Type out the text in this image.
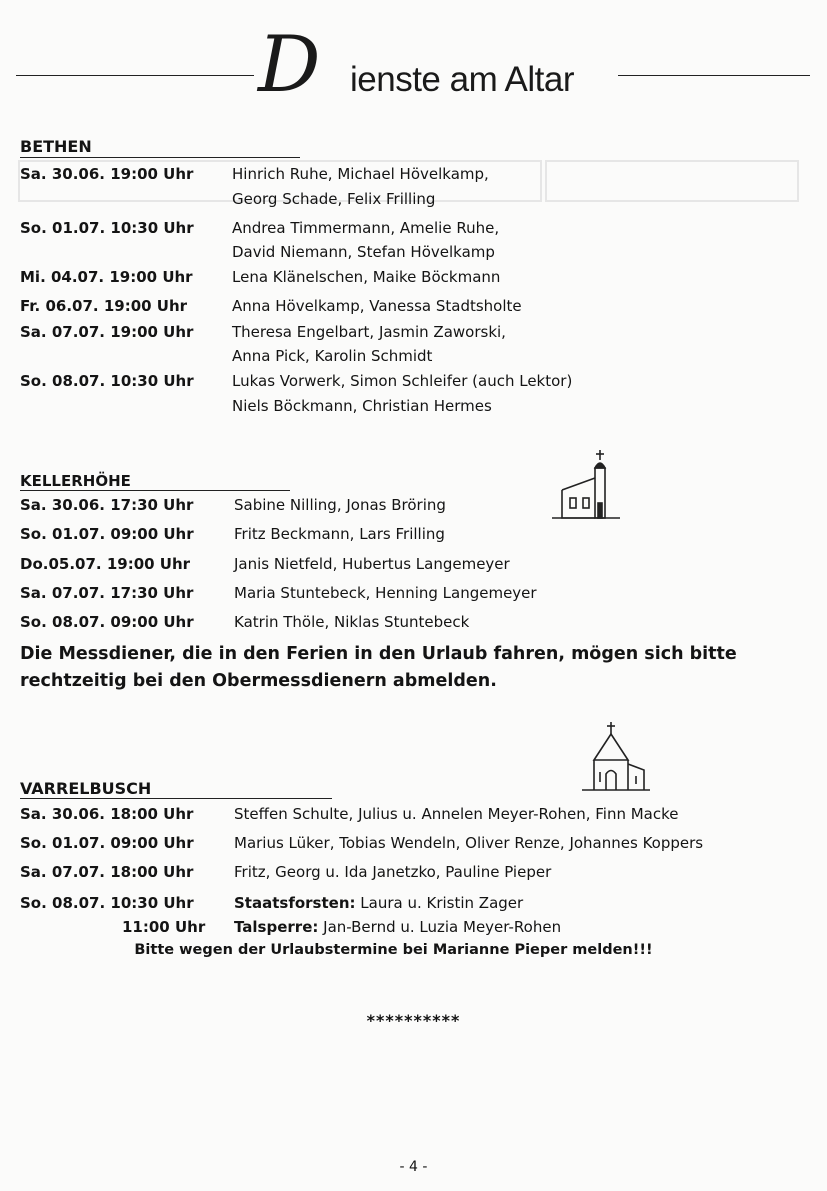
D ienste am Altar
BETHEN
Sa. 30.06. 19:00 Uhr	Hinrich Ruhe, Michael Hövelkamp,
Georg Schade, Felix Frilling
So. 01.07. 10:30 Uhr	Andrea Timmermann, Amelie Ruhe,
David Niemann, Stefan Hövelkamp
Mi. 04.07. 19:00 Uhr	Lena Klänelschen, Maike Böckmann
Fr. 06.07. 19:00 Uhr	Anna Hövelkamp, Vanessa Stadtsholte
Sa. 07.07. 19:00 Uhr	Theresa Engelbart, Jasmin Zaworski,
Anna Pick, Karolin Schmidt
So. 08.07. 10:30 Uhr	Lukas Vorwerk, Simon Schleifer (auch Lektor)
Niels Böckmann, Christian Hermes
KELLERHÖHE
Sa. 30.06. 17:30 Uhr	Sabine Nilling, Jonas Bröring
So. 01.07. 09:00 Uhr	Fritz Beckmann, Lars Frilling
Do.05.07. 19:00 Uhr	Janis Nietfeld, Hubertus Langemeyer
Sa. 07.07. 17:30 Uhr	Maria Stuntebeck, Henning Langemeyer
So. 08.07. 09:00 Uhr	Katrin Thöle, Niklas Stuntebeck
Die Messdiener, die in den Ferien in den Urlaub fahren, mögen sich bitte rechtzeitig bei den Obermessdienern abmelden.
VARRELBUSCH
Sa. 30.06. 18:00 Uhr	Steffen Schulte, Julius u. Annelen Meyer-Rohen, Finn Macke
So. 01.07. 09:00 Uhr	Marius Lüker, Tobias Wendeln, Oliver Renze, Johannes Koppers
Sa. 07.07. 18:00 Uhr	Fritz, Georg u. Ida Janetzko, Pauline Pieper
So. 08.07. 10:30 Uhr	Staatsforsten: Laura u. Kristin Zager
11:00 Uhr Talsperre: Jan-Bernd u. Luzia Meyer-Rohen
Bitte wegen der Urlaubstermine bei Marianne Pieper melden!!!
**********
- 4 -
